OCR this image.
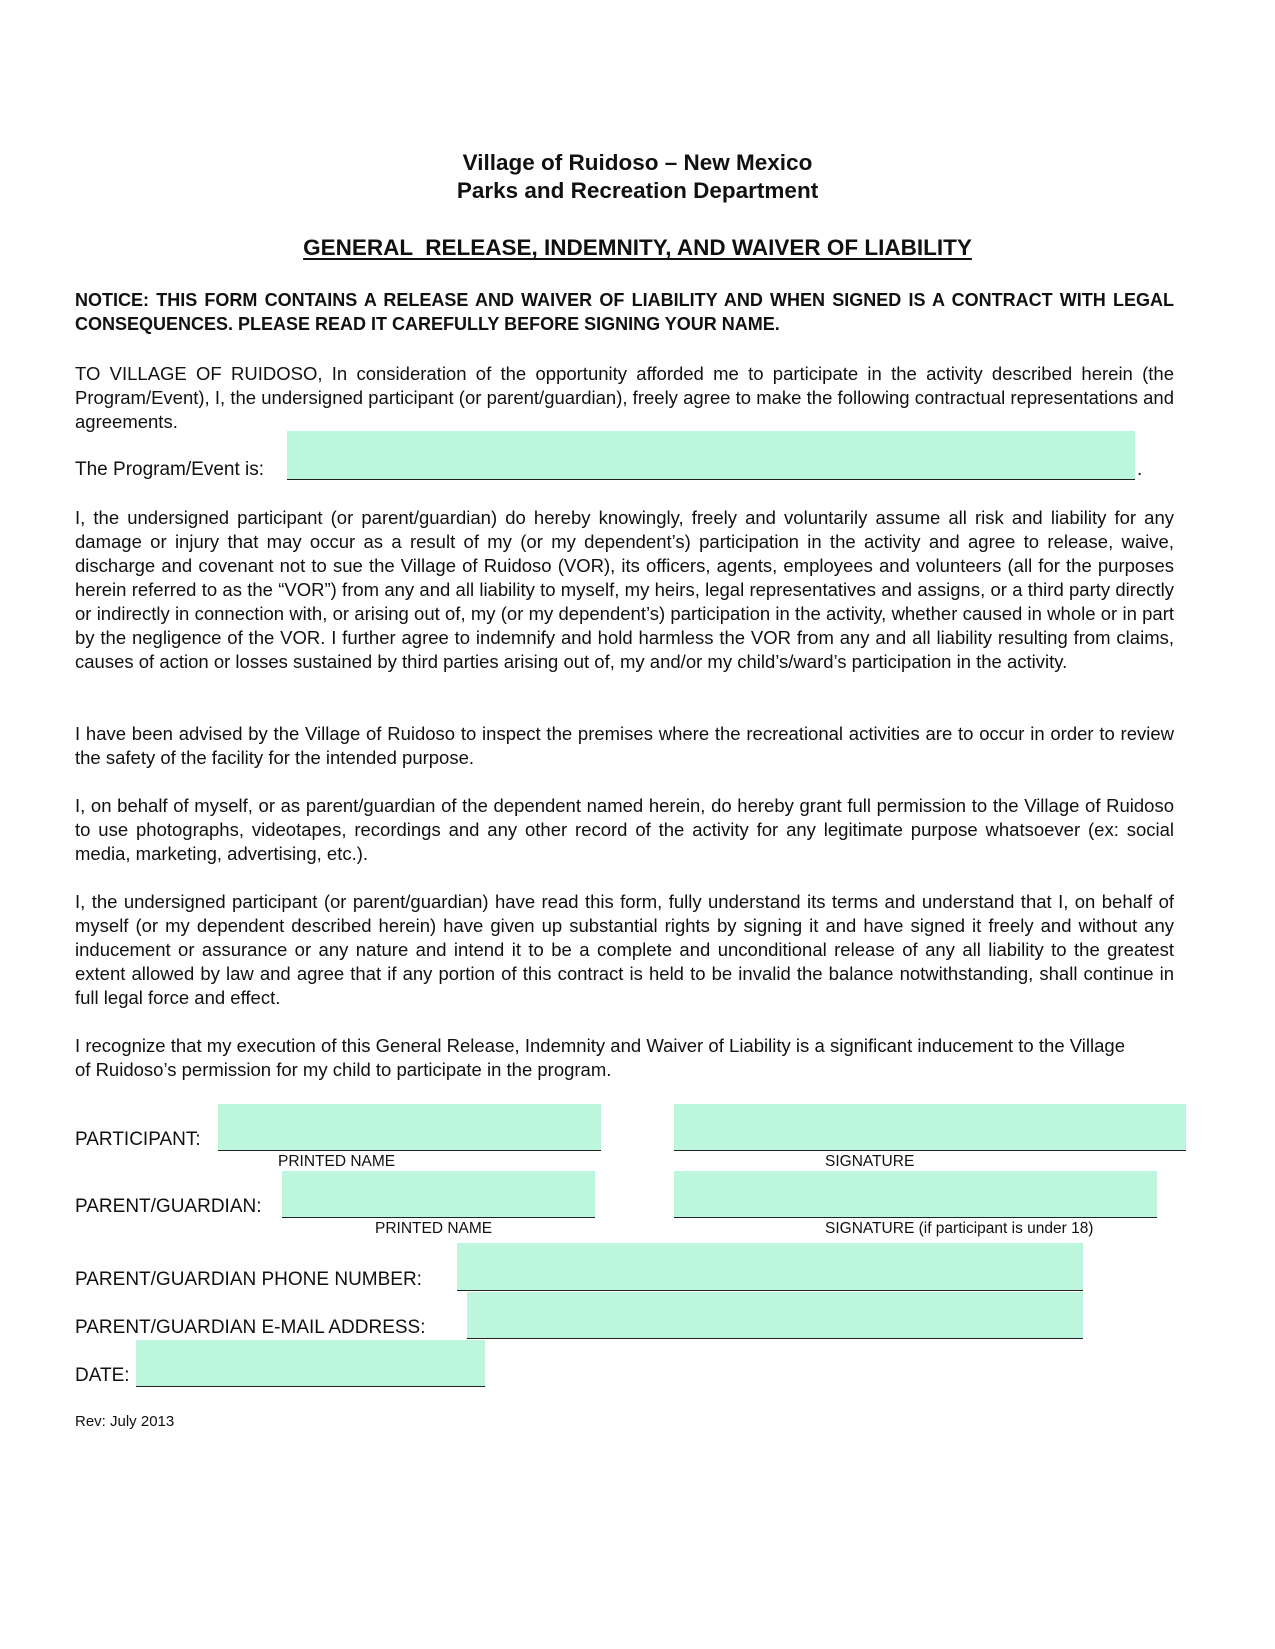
Village of Ruidoso – New Mexico
Parks and Recreation Department
GENERAL  RELEASE, INDEMNITY, AND WAIVER OF LIABILITY
NOTICE: THIS FORM CONTAINS A RELEASE AND WAIVER OF LIABILITY AND WHEN SIGNED IS A CONTRACT WITH LEGAL CONSEQUENCES. PLEASE READ IT CAREFULLY BEFORE SIGNING YOUR NAME.
TO VILLAGE OF RUIDOSO, In consideration of the opportunity afforded me to participate in the activity described herein (the Program/Event), I, the undersigned participant (or parent/guardian), freely agree to make the following contractual representations and agreements.
The Program/Event is:	.
I, the undersigned participant (or parent/guardian) do hereby knowingly, freely and voluntarily assume all risk and liability for any damage or injury that may occur as a result of my (or my dependent’s) participation in the activity and agree to release, waive, discharge and covenant not to sue the Village of Ruidoso (VOR), its officers, agents, employees and volunteers (all for the purposes herein referred to as the “VOR”) from any and all liability to myself, my heirs, legal representatives and assigns, or a third party directly or indirectly in connection with, or arising out of, my (or my dependent’s) participation in the activity, whether caused in whole or in part by the negligence of the VOR. I further agree to indemnify and hold harmless the VOR from any and all liability resulting from claims, causes of action or losses sustained by third parties arising out of, my and/or my child’s/ward’s participation in the activity.
I have been advised by the Village of Ruidoso to inspect the premises where the recreational activities are to occur in order to review the safety of the facility for the intended purpose.
I, on behalf of myself, or as parent/guardian of the dependent named herein, do hereby grant full permission to the Village of Ruidoso to use photographs, videotapes, recordings and any other record of the activity for any legitimate purpose whatsoever (ex: social media, marketing, advertising, etc.).
I, the undersigned participant (or parent/guardian) have read this form, fully understand its terms and understand that I, on behalf of myself (or my dependent described herein) have given up substantial rights by signing it and have signed it freely and without any inducement or assurance or any nature and intend it to be a complete and unconditional release of any all liability to the greatest extent allowed by law and agree that if any portion of this contract is held to be invalid the balance notwithstanding, shall continue in full legal force and effect.
I recognize that my execution of this General Release, Indemnity and Waiver of Liability is a significant inducement to the Village of Ruidoso’s permission for my child to participate in the program.
PARTICIPANT:
PRINTED NAME	SIGNATURE
PARENT/GUARDIAN:
PRINTED NAME	SIGNATURE (if participant is under 18)
PARENT/GUARDIAN PHONE NUMBER:
PARENT/GUARDIAN E-MAIL ADDRESS:
DATE:
Rev: July 2013
